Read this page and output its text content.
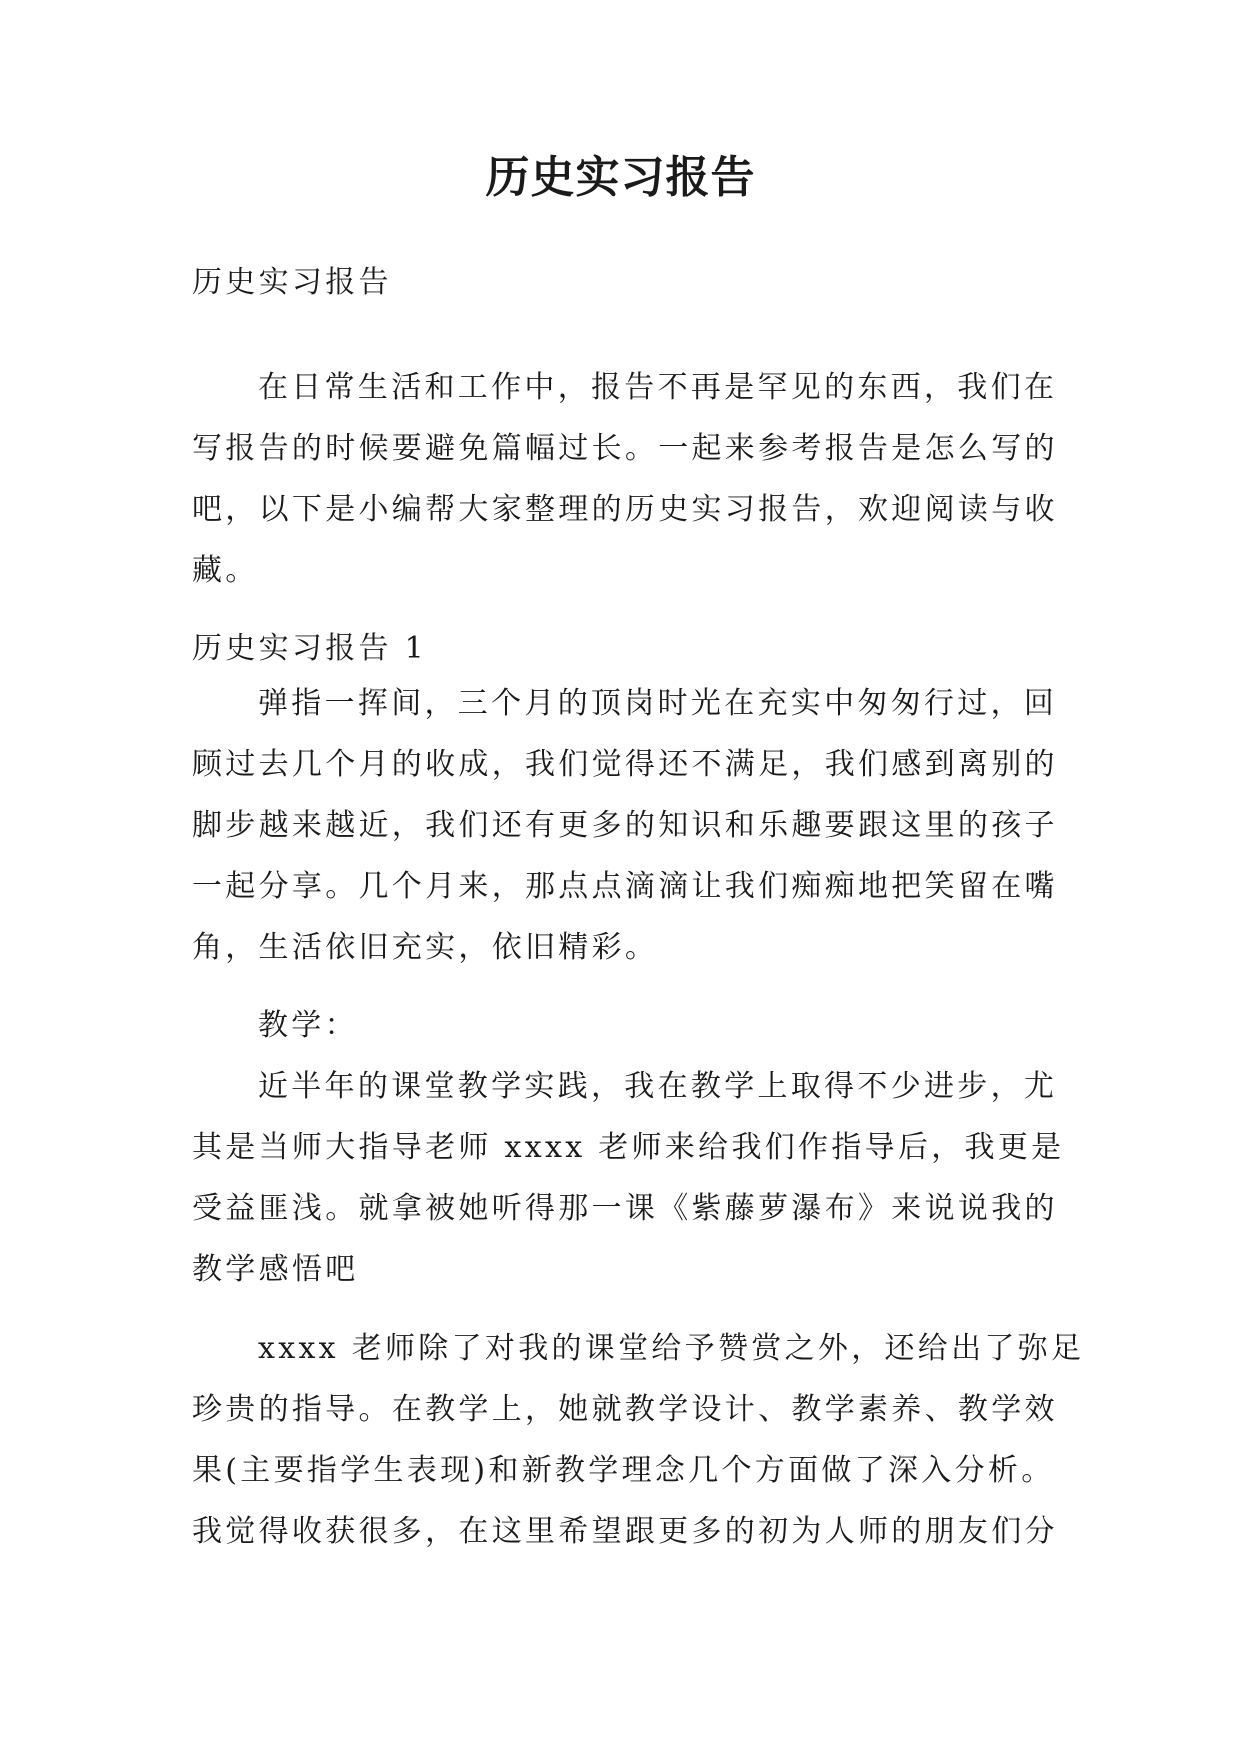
历史实习报告

历史实习报告

在日常生活和工作中，报告不再是罕见的东西，我们在
写报告的时候要避免篇幅过长。一起来参考报告是怎么写的
吧，以下是小编帮大家整理的历史实习报告，欢迎阅读与收
藏。

历史实习报告 1

弹指一挥间，三个月的顶岗时光在充实中匆匆行过，回
顾过去几个月的收成，我们觉得还不满足，我们感到离别的
脚步越来越近，我们还有更多的知识和乐趣要跟这里的孩子
一起分享。几个月来，那点点滴滴让我们痴痴地把笑留在嘴
角，生活依旧充实，依旧精彩。

教学：

近半年的课堂教学实践，我在教学上取得不少进步，尤
其是当师大指导老师 xxxx 老师来给我们作指导后，我更是
受益匪浅。就拿被她听得那一课《紫藤萝瀑布》来说说我的
教学感悟吧

xxxx 老师除了对我的课堂给予赞赏之外，还给出了弥足
珍贵的指导。在教学上，她就教学设计、教学素养、教学效
果(主要指学生表现)和新教学理念几个方面做了深入分析。
我觉得收获很多，在这里希望跟更多的初为人师的朋友们分
